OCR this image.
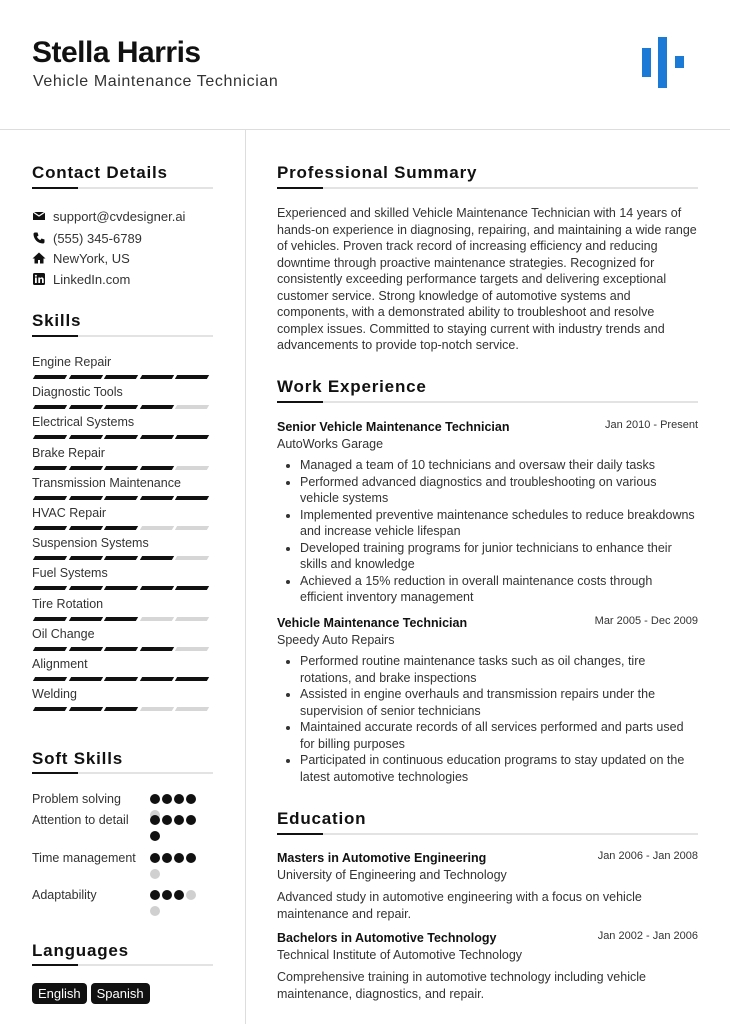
Stella Harris
Vehicle Maintenance Technician
Contact Details
support@cvdesigner.ai
(555) 345-6789
NewYork, US
LinkedIn.com
Skills
Engine Repair
Diagnostic Tools
Electrical Systems
Brake Repair
Transmission Maintenance
HVAC Repair
Suspension Systems
Fuel Systems
Tire Rotation
Oil Change
Alignment
Welding
Soft Skills
Problem solving
Attention to detail
Time management
Adaptability
Languages
English	Spanish
Professional Summary
Experienced and skilled Vehicle Maintenance Technician with 14 years of hands-on experience in diagnosing, repairing, and maintaining a wide range of vehicles. Proven track record of increasing efficiency and reducing downtime through proactive maintenance strategies. Recognized for consistently exceeding performance targets and delivering exceptional customer service. Strong knowledge of automotive systems and components, with a demonstrated ability to troubleshoot and resolve complex issues. Committed to staying current with industry trends and advancements to provide top-notch service.
Work Experience
Senior Vehicle Maintenance Technician	Jan 2010 - Present
AutoWorks Garage
Managed a team of 10 technicians and oversaw their daily tasks
Performed advanced diagnostics and troubleshooting on various vehicle systems
Implemented preventive maintenance schedules to reduce breakdowns and increase vehicle lifespan
Developed training programs for junior technicians to enhance their skills and knowledge
Achieved a 15% reduction in overall maintenance costs through efficient inventory management
Vehicle Maintenance Technician	Mar 2005 - Dec 2009
Speedy Auto Repairs
Performed routine maintenance tasks such as oil changes, tire rotations, and brake inspections
Assisted in engine overhauls and transmission repairs under the supervision of senior technicians
Maintained accurate records of all services performed and parts used for billing purposes
Participated in continuous education programs to stay updated on the latest automotive technologies
Education
Masters in Automotive Engineering	Jan 2006 - Jan 2008
University of Engineering and Technology
Advanced study in automotive engineering with a focus on vehicle maintenance and repair.
Bachelors in Automotive Technology	Jan 2002 - Jan 2006
Technical Institute of Automotive Technology
Comprehensive training in automotive technology including vehicle maintenance, diagnostics, and repair.
